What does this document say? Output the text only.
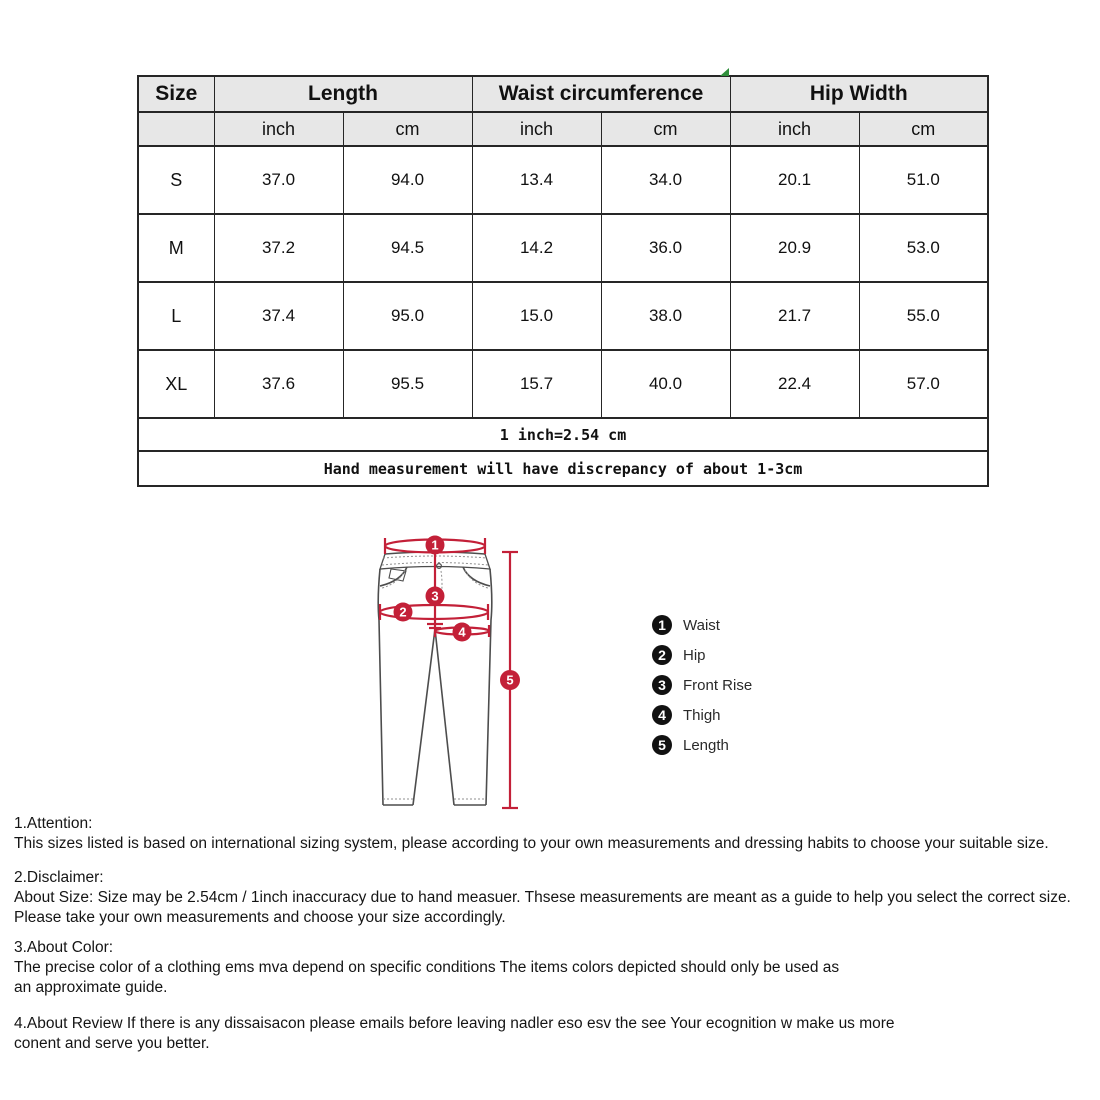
Size	Length		Waist circumference		Hip Width	
	inch	cm	inch	cm	inch	cm
S	37.0	94.0	13.4	34.0	20.1	51.0
M	37.2	94.5	14.2	36.0	20.9	53.0
L	37.4	95.0	15.0	38.0	21.7	55.0
XL	37.6	95.5	15.7	40.0	22.4	57.0
1 inch=2.54 cm						
Hand measurement will have discrepancy of about 1-3cm						
1
2
3
4
5
1	Waist
2	Hip
3	Front Rise
4	Thigh
5	Length

1.Attention:

This sizes listed is based on international sizing system, please according to your own measurements and dressing habits to choose your suitable size.

2.Disclaimer:

About Size: Size may be 2.54cm / 1inch inaccuracy due to hand measuer. Thsese measurements are meant as a guide to help you select the correct size.

Please take your own measurements and choose your size accordingly.

3.About Color:

The precise color of a clothing ems mva depend on specific conditions The items colors depicted should only be used as

an approximate guide.

4.About Review If there is any dissaisacon please emails before leaving nadler eso esv the see Your ecognition w make us more

conent and serve you better.
